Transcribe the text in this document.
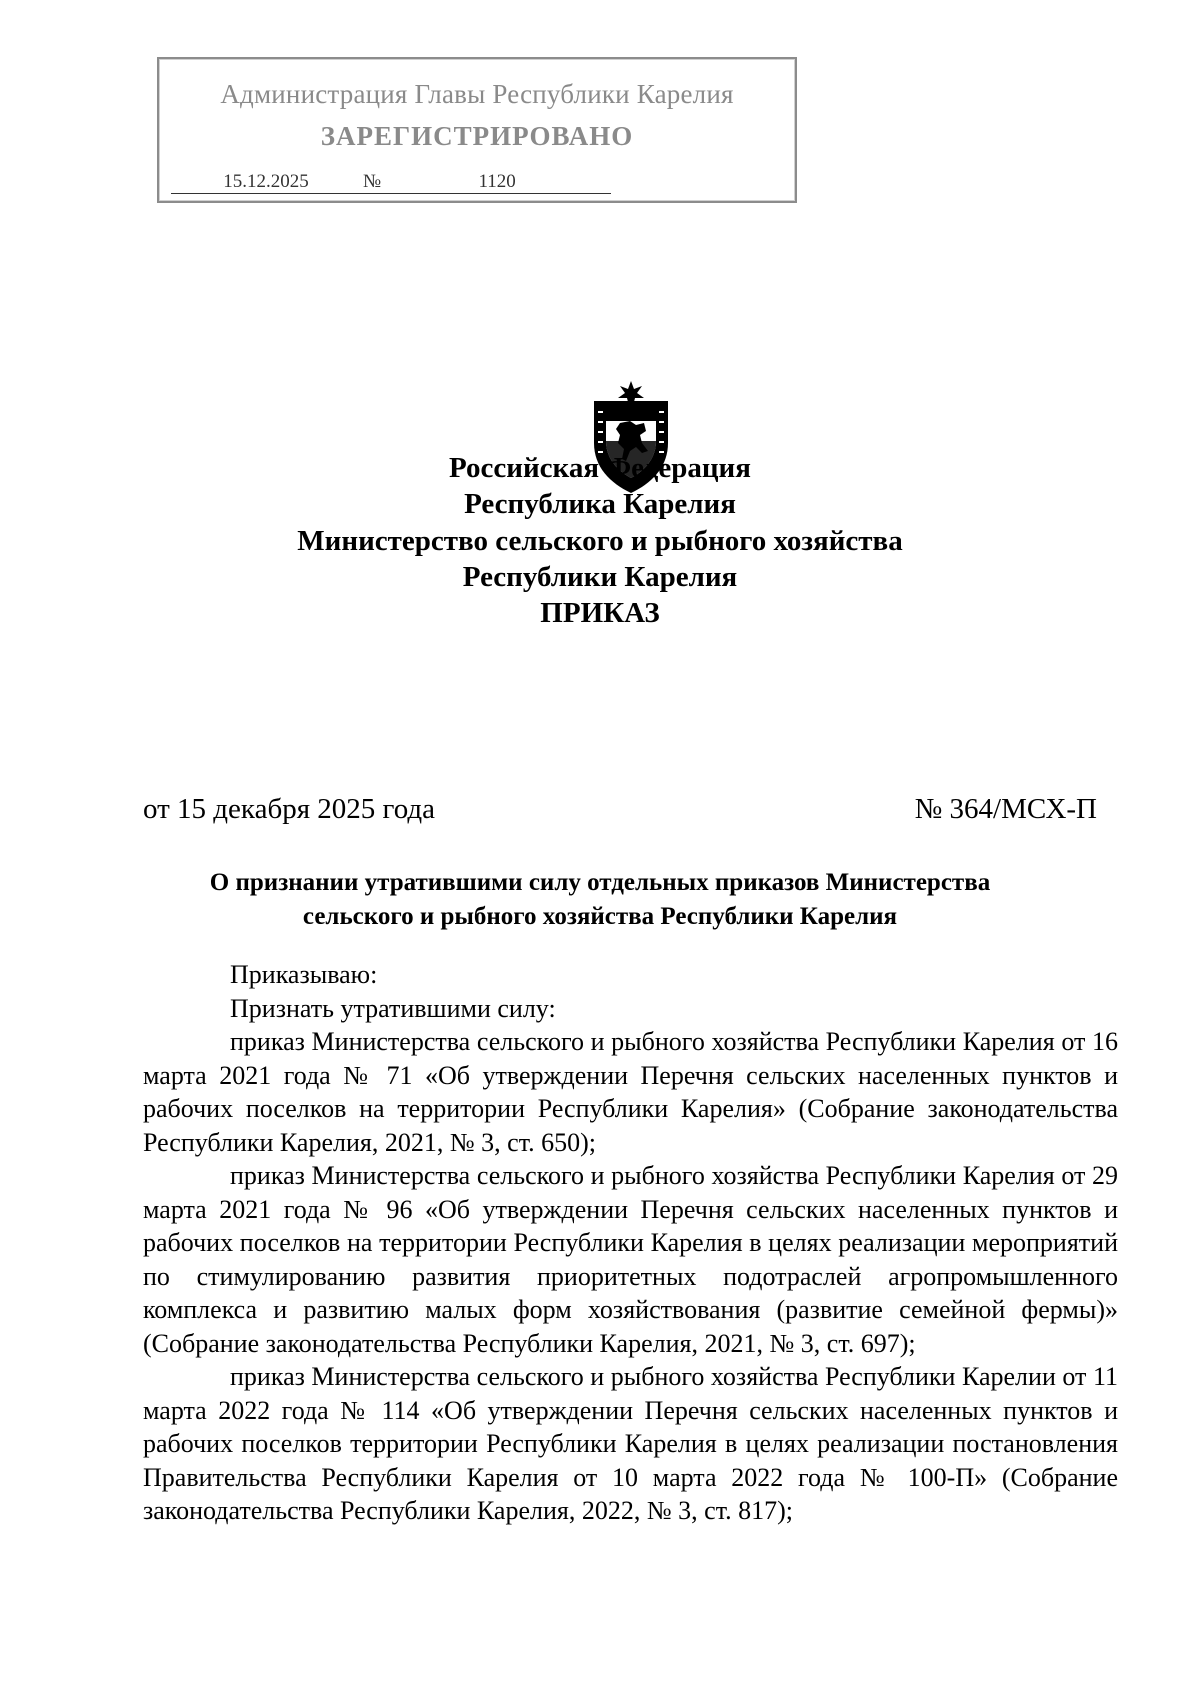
Администрация Главы Республики Карелия
ЗАРЕГИСТРИРОВАНО
15.12.2025	№	1120
Российская Федерация
Республика Карелия
Министерство сельского и рыбного хозяйства
Республики Карелия
ПРИКАЗ
от 15 декабря 2025 года	№ 364/МСХ-П
О признании утратившими силу отдельных приказов Министерства
сельского и рыбного хозяйства Республики Карелия

Приказываю:

Признать утратившими силу:

приказ Министерства сельского и рыбного хозяйства Республики Карелия от 16 марта 2021 года № 71 «Об утверждении Перечня сельских населенных пунктов и рабочих поселков на территории Республики Карелия» (Собрание законодательства Республики Карелия, 2021, № 3, ст. 650);

приказ Министерства сельского и рыбного хозяйства Республики Карелия от 29 марта 2021 года № 96 «Об утверждении Перечня сельских населенных пунктов и рабочих поселков на территории Республики Карелия в целях реализации мероприятий по стимулированию развития приоритетных подотраслей агропромышленного комплекса и развитию малых форм хозяйствования (развитие семейной фермы)» (Собрание законодательства Республики Карелия, 2021, № 3, ст. 697);

приказ Министерства сельского и рыбного хозяйства Республики Карелии от 11 марта 2022 года № 114 «Об утверждении Перечня сельских населенных пунктов и рабочих поселков территории Республики Карелия в целях реализации постановления Правительства Республики Карелия от 10 марта 2022 года № 100-П» (Собрание законодательства Республики Карелия, 2022, № 3, ст. 817);
